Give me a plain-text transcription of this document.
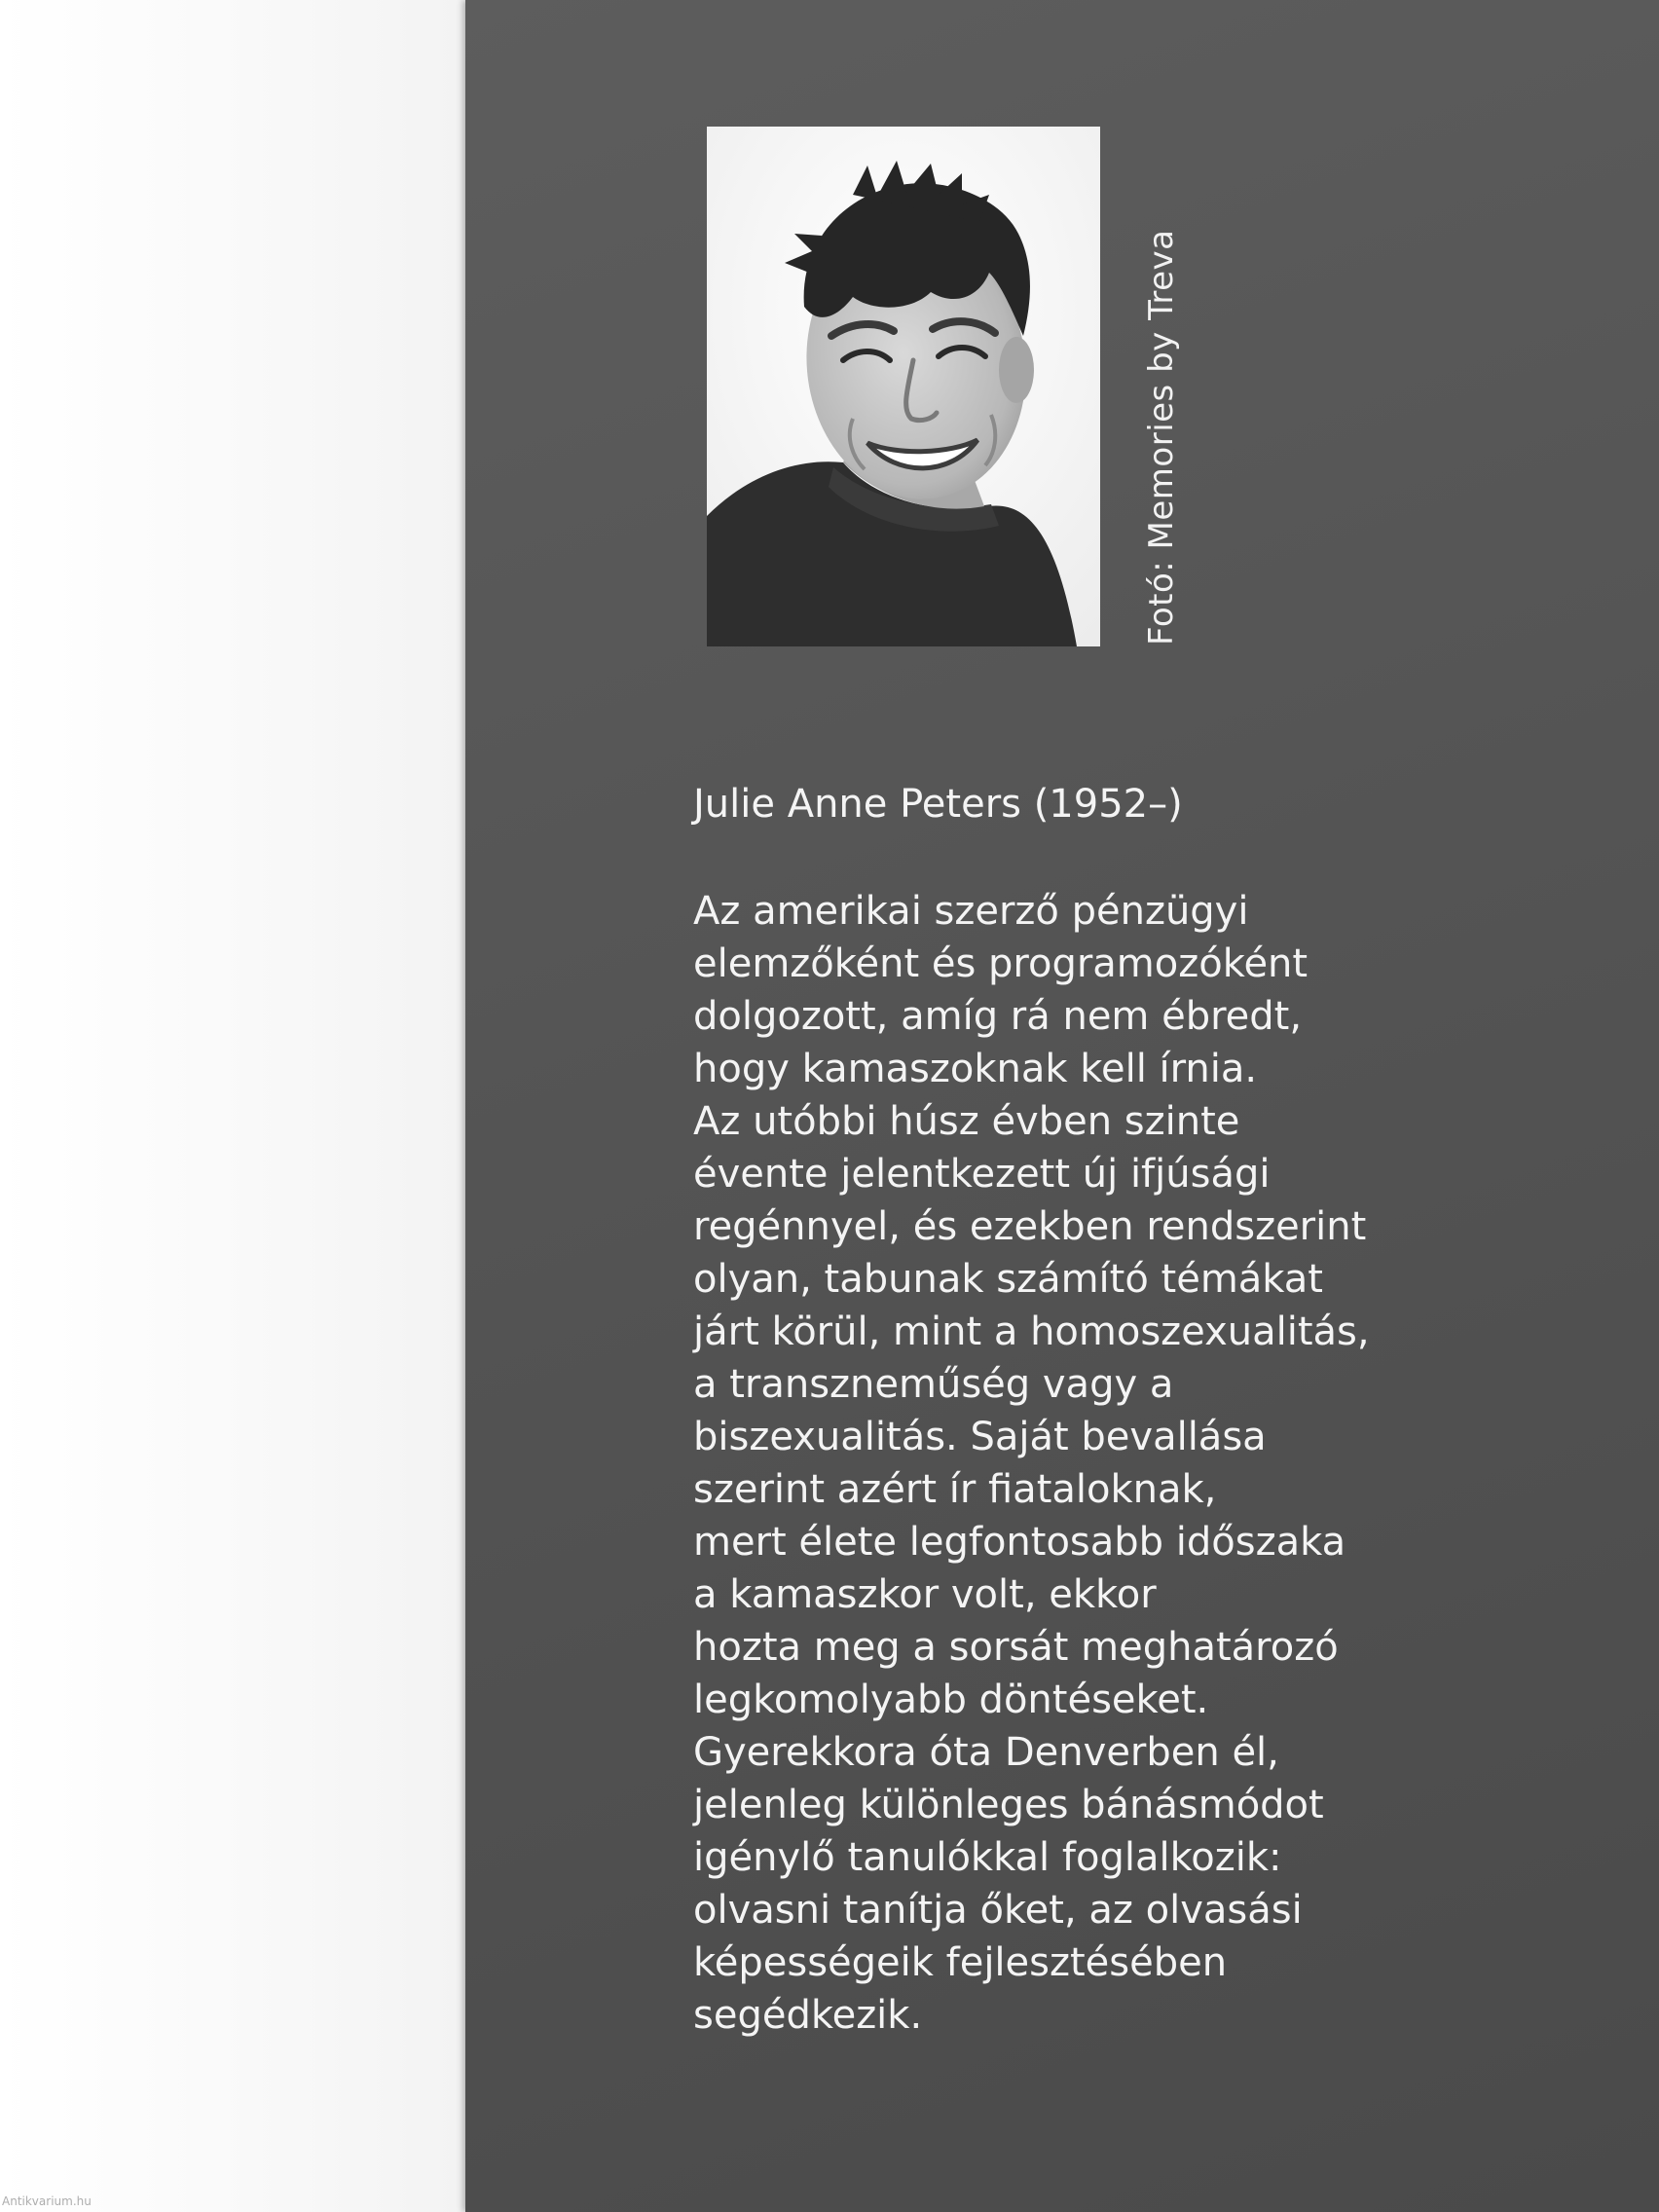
Fotó: Memories by Treva
Julie Anne Peters (1952–)
Az amerikai szerző pénzügyi
elemzőként és programozóként
dolgozott, amíg rá nem ébredt,
hogy kamaszoknak kell írnia.
Az utóbbi húsz évben szinte
évente jelentkezett új ifjúsági
regénnyel, és ezekben rendszerint
olyan, tabunak számító témákat
járt körül, mint a homoszexualitás,
a transzneműség vagy a
biszexualitás. Saját bevallása
szerint azért ír fiataloknak,
mert élete legfontosabb időszaka
a kamaszkor volt, ekkor
hozta meg a sorsát meghatározó
legkomolyabb döntéseket.
Gyerekkora óta Denverben él,
jelenleg különleges bánásmódot
igénylő tanulókkal foglalkozik:
olvasni tanítja őket, az olvasási
képességeik fejlesztésében
segédkezik.
Antikvarium.hu
